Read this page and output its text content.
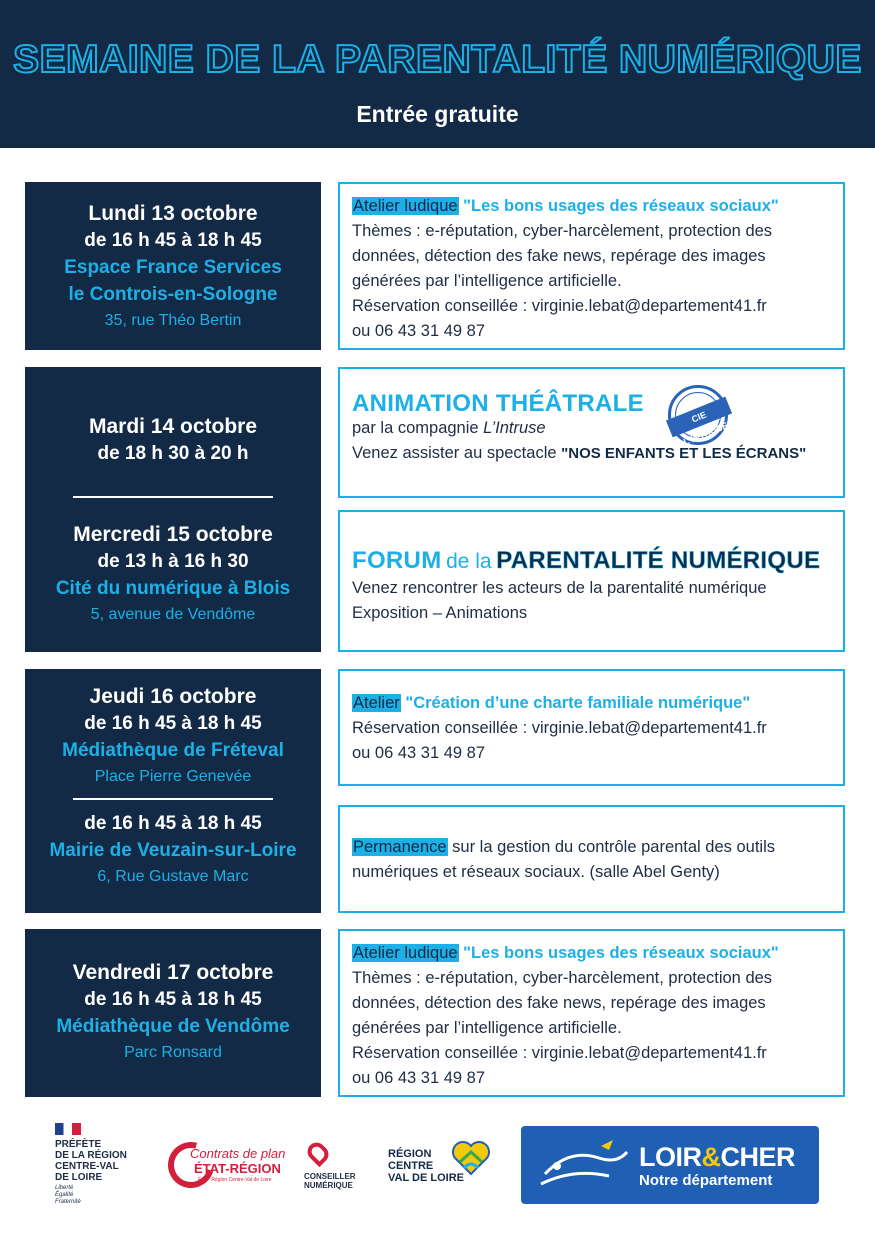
SEMAINE DE LA PARENTALITÉ NUMÉRIQUE
Entrée gratuite
Lundi 13 octobre
de 16 h 45 à 18 h 45
Espace France Services
le Controis-en-Sologne
35, rue Théo Bertin
Atelier ludique "Les bons usages des réseaux sociaux"
Thèmes : e-réputation, cyber-harcèlement, protection des données, détection des fake news, repérage des images générées par l’intelligence artificielle.
Réservation conseillée : virginie.lebat@departement41.fr
ou 06 43 31 49 87
Mardi 14 octobre
de 18 h 30 à 20 h
Mercredi 15 octobre
de 13 h à 16 h 30
Cité du numérique à Blois
5, avenue de Vendôme
ANIMATION THÉÂTRALE
par la compagnie L’Intruse
Venez assister au spectacle "NOS ENFANTS ET LES ÉCRANS"
CIE L'INTRUSE
FORUM de la PARENTALITÉ NUMÉRIQUE
Venez rencontrer les acteurs de la parentalité numérique
Exposition – Animations
Jeudi 16 octobre
de 16 h 45 à 18 h 45
Médiathèque de Fréteval
Place Pierre Genevée
de 16 h 45 à 18 h 45
Mairie de Veuzain-sur-Loire
6, Rue Gustave Marc
Atelier "Création d’une charte familiale numérique"
Réservation conseillée : virginie.lebat@departement41.fr
ou 06 43 31 49 87
Permanence sur la gestion du contrôle parental des outils numériques et réseaux sociaux. (salle Abel Genty)
Vendredi 17 octobre
de 16 h 45 à 18 h 45
Médiathèque de Vendôme
Parc Ronsard
Atelier ludique "Les bons usages des réseaux sociaux"
Thèmes : e-réputation, cyber-harcèlement, protection des données, détection des fake news, repérage des images générées par l’intelligence artificielle.
Réservation conseillée : virginie.lebat@departement41.fr
ou 06 43 31 49 87
PRÉFÈTE
DE LA RÉGION
CENTRE-VAL
DE LOIRE
Liberté
Égalité
Fraternité
Contrats de plan
ÉTAT-RÉGION
État · Région Centre-Val de Loire	CONSEILLER
NUMÉRIQUE
RÉGION
CENTRE
VAL DE LOIRE
LOIR&CHER
Notre département
